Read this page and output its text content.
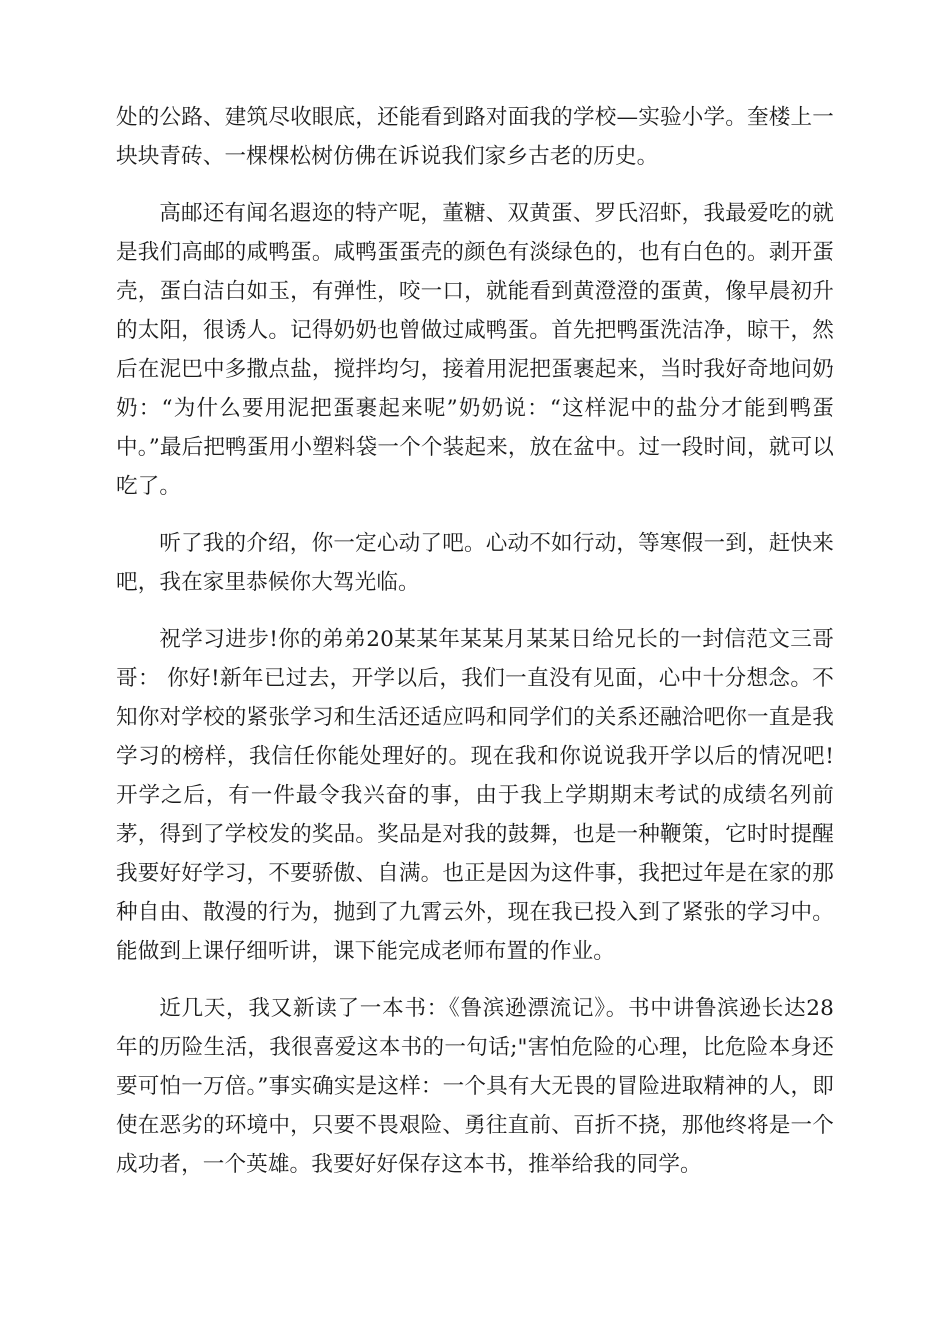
处的公路、建筑尽收眼底，还能看到路对面我的学校—实验小学。奎楼上一块块青砖、一棵棵松树仿佛在诉说我们家乡古老的历史。

高邮还有闻名遐迩的特产呢，董糖、双黄蛋、罗氏沼虾，我最爱吃的就是我们高邮的咸鸭蛋。咸鸭蛋蛋壳的颜色有淡绿色的，也有白色的。剥开蛋壳，蛋白洁白如玉，有弹性，咬一口，就能看到黄澄澄的蛋黄，像早晨初升的太阳，很诱人。记得奶奶也曾做过咸鸭蛋。首先把鸭蛋洗洁净，晾干，然后在泥巴中多撒点盐，搅拌均匀，接着用泥把蛋裹起来，当时我好奇地问奶奶：“为什么要用泥把蛋裹起来呢”奶奶说：“这样泥中的盐分才能到鸭蛋中。”最后把鸭蛋用小塑料袋一个个装起来，放在盆中。过一段时间，就可以吃了。

听了我的介绍，你一定心动了吧。心动不如行动，等寒假一到，赶快来吧，我在家里恭候你大驾光临。

祝学习进步!你的弟弟20某某年某某月某某日给兄长的一封信范文三哥哥： 你好!新年已过去，开学以后，我们一直没有见面，心中十分想念。不知你对学校的紧张学习和生活还适应吗和同学们的关系还融洽吧你一直是我学习的榜样，我信任你能处理好的。现在我和你说说我开学以后的情况吧!开学之后，有一件最令我兴奋的事，由于我上学期期末考试的成绩名列前茅，得到了学校发的奖品。奖品是对我的鼓舞，也是一种鞭策，它时时提醒我要好好学习，不要骄傲、自满。也正是因为这件事，我把过年是在家的那种自由、散漫的行为，抛到了九霄云外，现在我已投入到了紧张的学习中。能做到上课仔细听讲，课下能完成老师布置的作业。

近几天，我又新读了一本书：《鲁滨逊漂流记》。书中讲鲁滨逊长达28年的历险生活，我很喜爱这本书的一句话;"害怕危险的心理，比危险本身还要可怕一万倍。”事实确实是这样：一个具有大无畏的冒险进取精神的人，即使在恶劣的环境中，只要不畏艰险、勇往直前、百折不挠，那他终将是一个成功者，一个英雄。我要好好保存这本书，推举给我的同学。
